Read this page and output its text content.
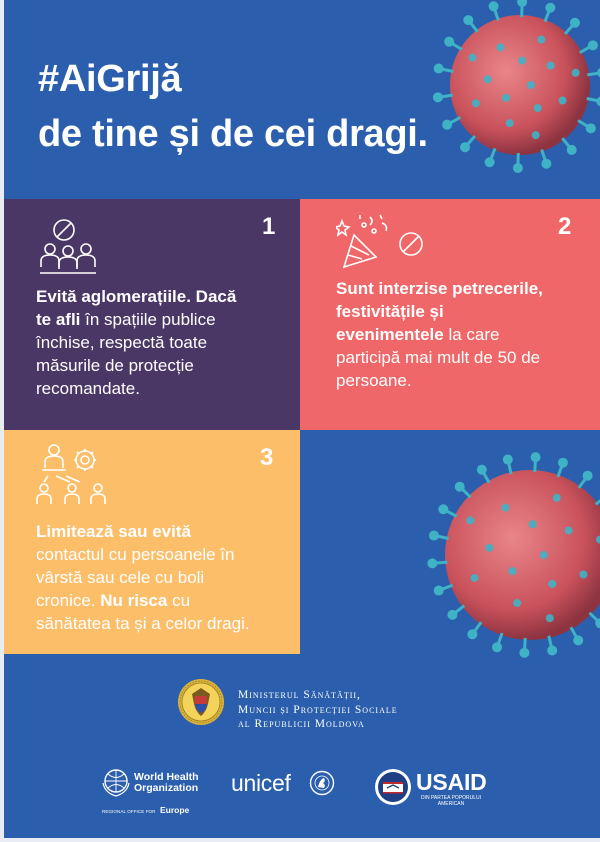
#AiGrijă
de tine și de cei dragi.
1
Evită aglomerațiile. Dacă
te afli în spațiile publice
închise, respectă toate
măsurile de protecție
recomandate.
2
Sunt interzise petrecerile,
festivitățile și
evenimentele la care
participă mai mult de 50 de
persoane.
3
Limitează sau evită
contactul cu persoanele în
vârstă sau cele cu boli
cronice. Nu risca cu
sănătatea ta și a celor dragi.
Ministerul Sănătății,
Muncii și Protecției Sociale
al Republicii Moldova
World Health
Organization
REGIONAL OFFICE FOR Europe
unicef	USAID
DIN PARTEA POPORULUI
AMERICAN
